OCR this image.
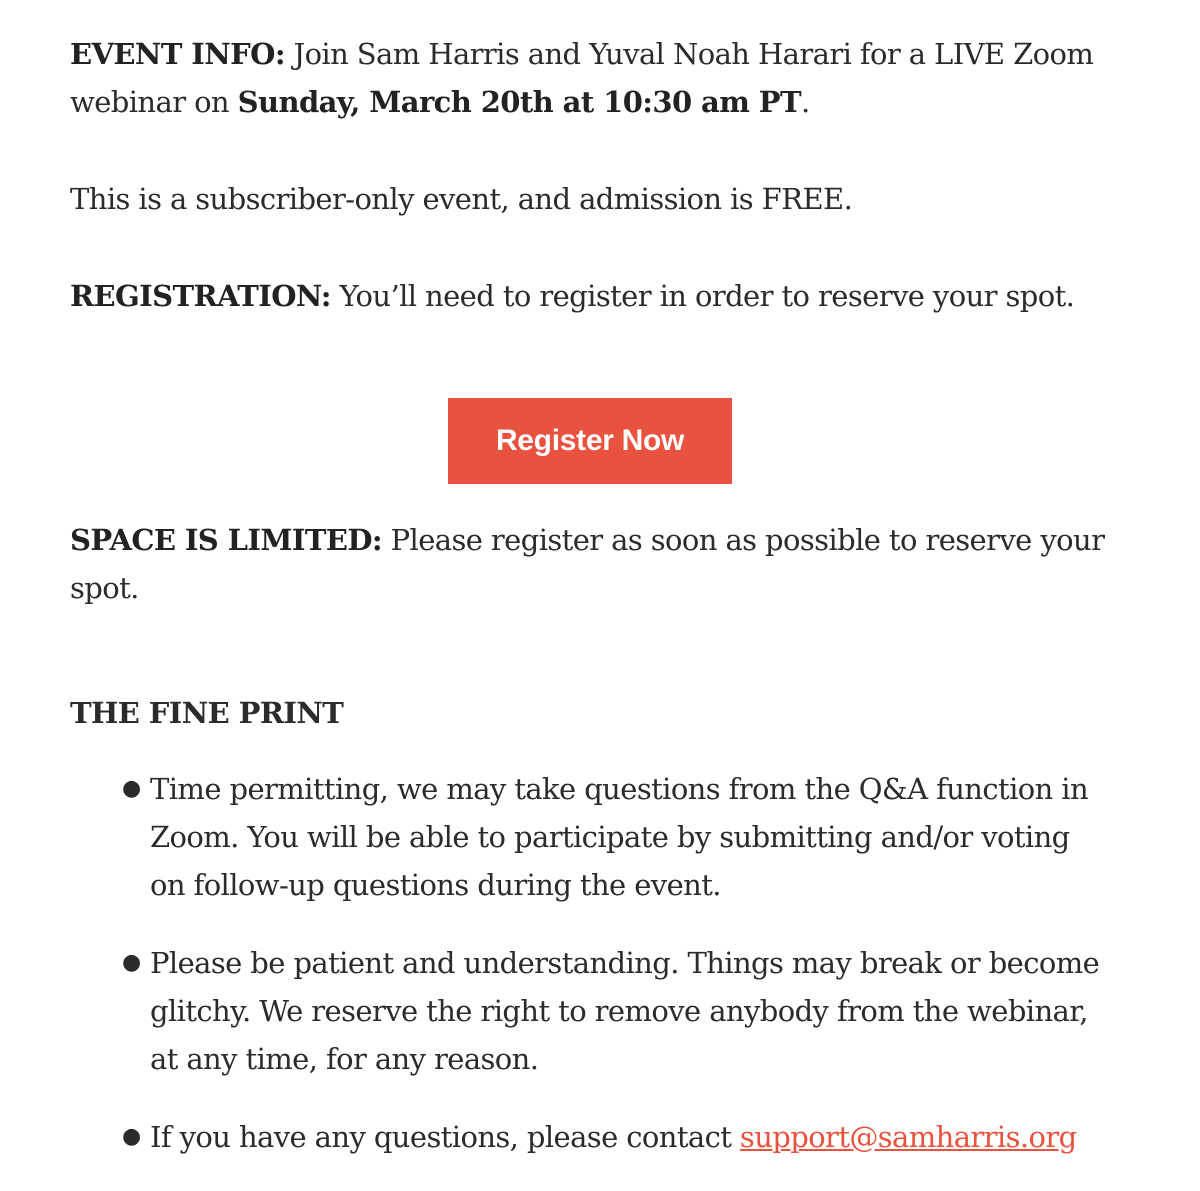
EVENT INFO: Join Sam Harris and Yuval Noah Harari for a LIVE Zoom webinar on Sunday, March 20th at 10:30 am PT.

This is a subscriber-only event, and admission is FREE.

REGISTRATION: You’ll need to register in order to reserve your spot.

Register Now

SPACE IS LIMITED: Please register as soon as possible to reserve your spot.

THE FINE PRINT

● Time permitting, we may take questions from the Q&A function in Zoom. You will be able to participate by submitting and/or voting on follow-up questions during the event.
● Please be patient and understanding. Things may break or become glitchy. We reserve the right to remove anybody from the webinar, at any time, for any reason.
● If you have any questions, please contact support@samharris.org
